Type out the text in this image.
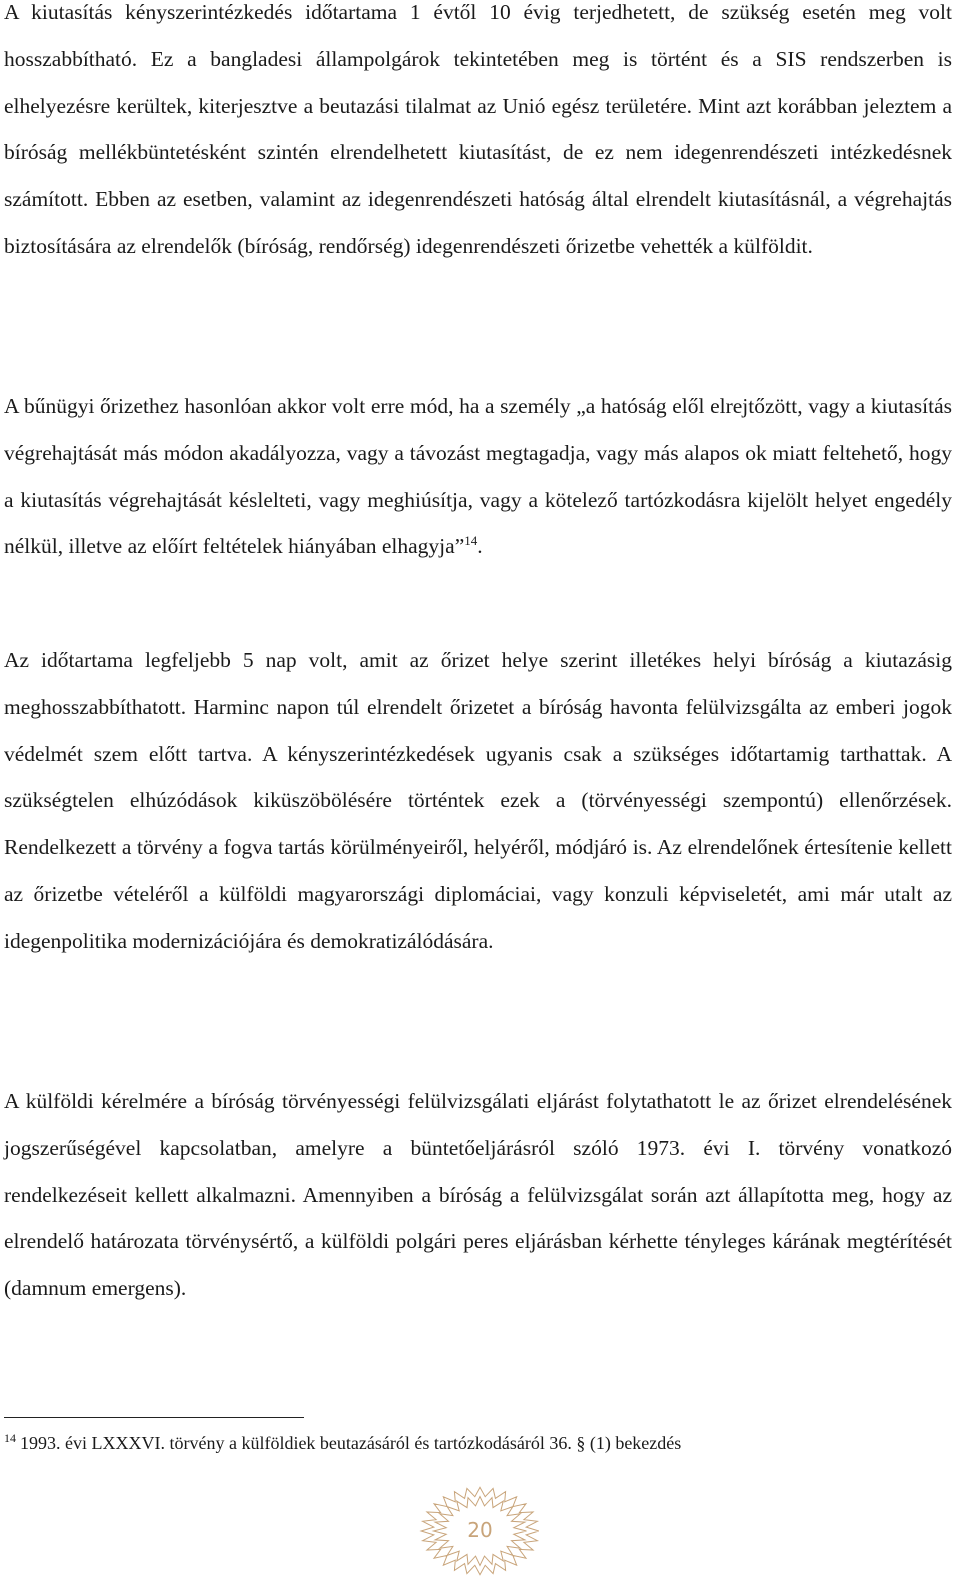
A kiutasítás kényszerintézkedés időtartama 1 évtől 10 évig terjedhetett, de szükség esetén meg volt hosszabbítható. Ez a bangladesi állampolgárok tekintetében meg is történt és a SIS rendszerben is elhelyezésre kerültek, kiterjesztve a beutazási tilalmat az Unió egész területére. Mint azt korábban jeleztem a bíróság mellékbüntetésként szintén elrendelhetett kiutasítást, de ez nem idegenrendészeti intézkedésnek számított. Ebben az esetben, valamint az idegenrendészeti hatóság által elrendelt kiutasításnál, a végrehajtás biztosítására az elrendelők (bíróság, rendőrség) idegenrendészeti őrizetbe vehették a külföldit.

A bűnügyi őrizethez hasonlóan akkor volt erre mód, ha a személy „a hatóság elől elrejtőzött, vagy a kiutasítás végrehajtását más módon akadályozza, vagy a távozást megtagadja, vagy más alapos ok miatt feltehető, hogy a kiutasítás végrehajtását késlelteti, vagy meghiúsítja, vagy a kötelező tartózkodásra kijelölt helyet engedély nélkül, illetve az előírt feltételek hiányában elhagyja”$^{14}$.

Az időtartama legfeljebb 5 nap volt, amit az őrizet helye szerint illetékes helyi bíróság a kiutazásig meghosszabbíthatott. Harminc napon túl elrendelt őrizetet a bíróság havonta felülvizsgálta az emberi jogok védelmét szem előtt tartva. A kényszerintézkedések ugyanis csak a szükséges időtartamig tarthattak. A szükségtelen elhúzódások kiküszöbölésére történtek ezek a (törvényességi szempontú) ellenőrzések. Rendelkezett a törvény a fogva tartás körülményeiről, helyéről, módjáró is. Az elrendelőnek értesítenie kellett az őrizetbe vételéről a külföldi magyarországi diplomáciai, vagy konzuli képviseletét, ami már utalt az idegenpolitika modernizációjára és demokratizálódására.

A külföldi kérelmére a bíróság törvényességi felülvizsgálati eljárást folytathatott le az őrizet elrendelésének jogszerűségével kapcsolatban, amelyre a büntetőeljárásról szóló 1973. évi I. törvény vonatkozó rendelkezéseit kellett alkalmazni. Amennyiben a bíróság a felülvizsgálat során azt állapította meg, hogy az elrendelő határozata törvénysértő, a külföldi polgári peres eljárásban kérhette tényleges kárának megtérítését (damnum emergens).

$^{14}$ 1993. évi LXXXVI. törvény a külföldiek beutazásáról és tartózkodásáról 36. § (1) bekezdés
20
